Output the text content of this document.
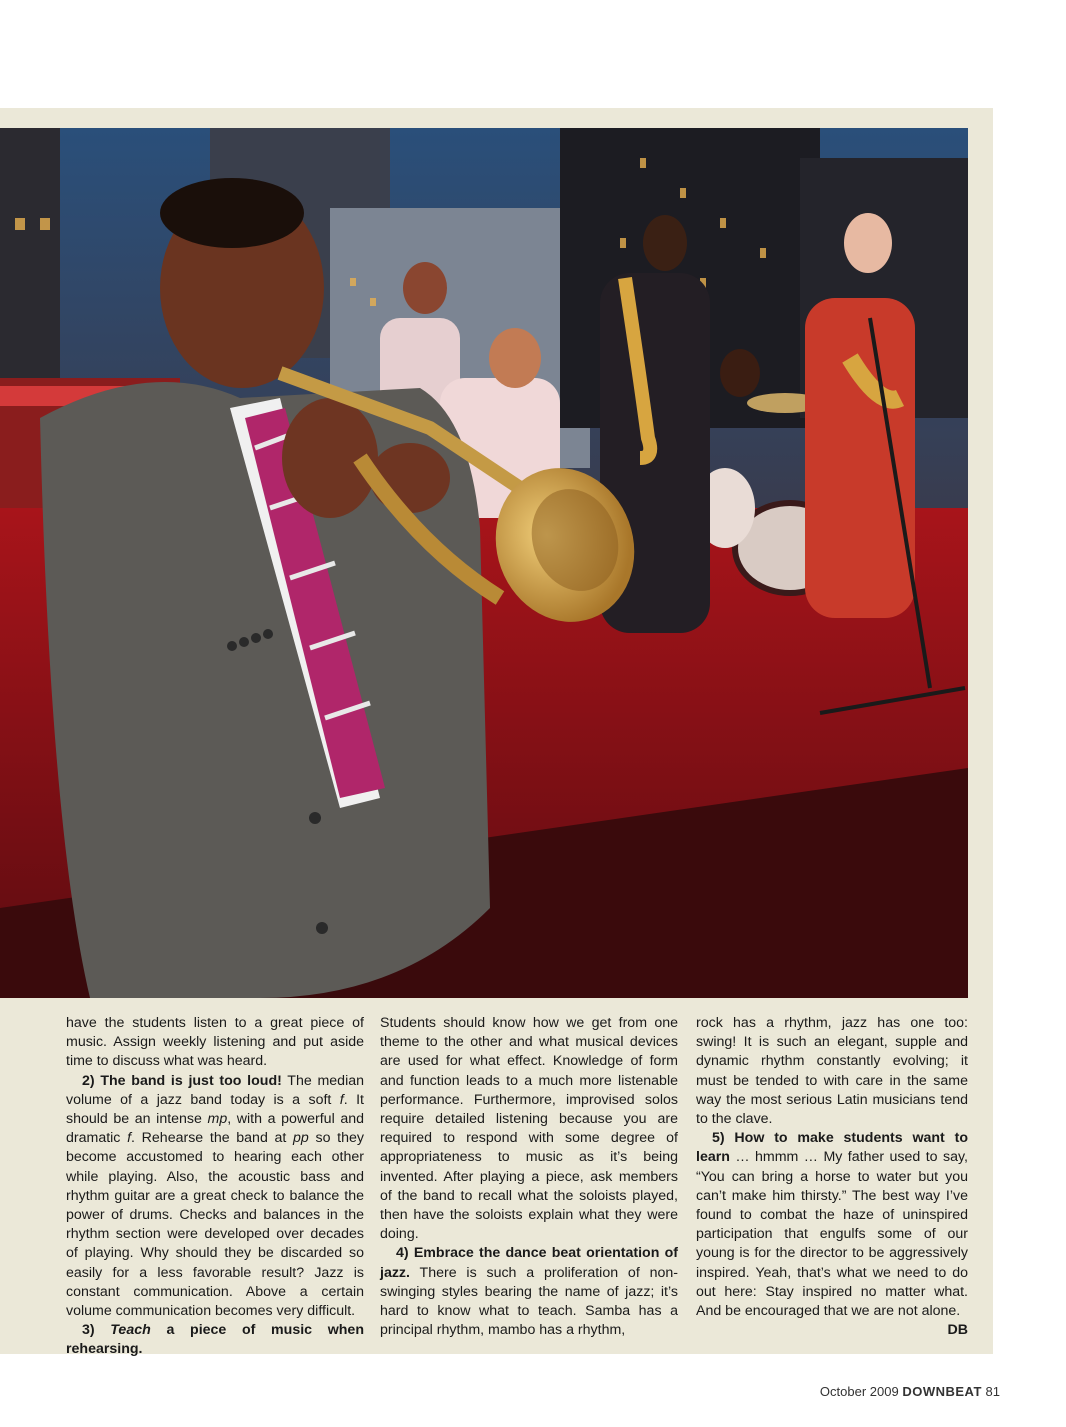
have the students listen to a great piece of music. Assign weekly listening and put aside time to discuss what was heard.

2) The band is just too loud! The median volume of a jazz band today is a soft f. It should be an intense mp, with a powerful and dramatic f. Rehearse the band at pp so they become accustomed to hearing each other while playing. Also, the acoustic bass and rhythm guitar are a great check to balance the power of drums. Checks and balances in the rhythm section were developed over decades of playing. Why should they be discarded so easily for a less favorable result? Jazz is constant communication. Above a certain volume communication becomes very difficult.

3) Teach a piece of music when rehearsing.

Students should know how we get from one theme to the other and what musical devices are used for what effect. Knowledge of form and function leads to a much more listenable performance. Furthermore, improvised solos require detailed listening because you are required to respond with some degree of appropriateness to music as it’s being invented. After playing a piece, ask members of the band to recall what the soloists played, then have the soloists explain what they were doing.

4) Embrace the dance beat orientation of jazz. There is such a proliferation of non-swinging styles bearing the name of jazz; it’s hard to know what to teach. Samba has a principal rhythm, mambo has a rhythm,

rock has a rhythm, jazz has one too: swing! It is such an elegant, supple and dynamic rhythm constantly evolving; it must be tended to with care in the same way the most serious Latin musicians tend to the clave.

5) How to make students want to learn … hmmm … My father used to say, “You can bring a horse to water but you can’t make him thirsty.” The best way I’ve found to combat the haze of uninspired participation that engulfs some of our young is for the director to be aggressively inspired. Yeah, that’s what we need to do out here: Stay inspired no matter what. And be encouraged that we are not alone.
DB

October 2009 DOWNBEAT 81
